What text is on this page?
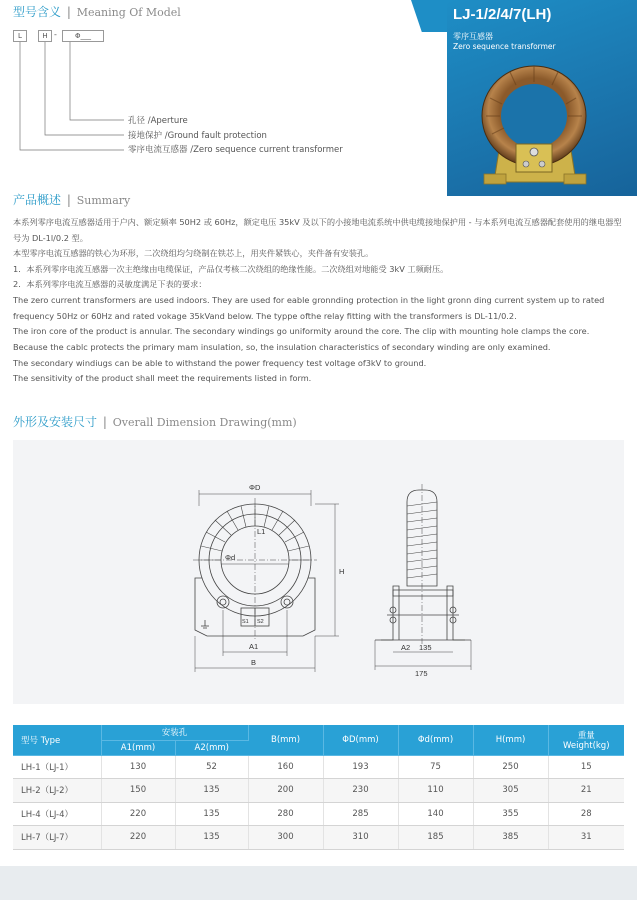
型号含义 | Meaning Of Model
L	H -	Φ___
孔径 /Aperture
接地保护 /Ground fault protection
零序电流互感器 /Zero sequence current transformer
LJ-1/2/4/7(LH)
零序互感器
Zero sequence transformer
产品概述 | Summary
本系列零序电流互感器适用于户内、额定频率 50H2 或 60Hz，额定电压 35kV 及以下的小接地电流系统中供电缆接地保护用 - 与本系列电流互感器配套使用的继电器型号为 DL-1l/0.2 型。
本型零序电流互感器的铁心为环形，二次绕组均匀绕制在铁芯上，用夹件紧铁心，夹件备有安装孔。
1．本系列零序电流互感器一次主绝缘由电缆保证，产品仅考核二次绕组的绝缘性能。二次绕组对地能受 3kV 工频耐压。
2．本系列零序电流互感器的灵敏度满足下表的要求：
The zero current transformers are used indoors. They are used for eable gronnding protection in the light gronn ding current system up to rated frequency 50Hz or 60Hz and rated vokage 35kVand below. The typpe ofthe relay fitting with the transformers is DL-11/0.2.
The iron core of the product is annular. The secondary windings go uniformity around the core. The clip with mounting hole clamps the core.
Because the cablc protects the primary mam insulation, so, the insulation characteristics of secondary winding are only examined.
The secondary windiugs can be able to withstand the power frequency test voltage of3kV to ground.
The sensitivity of the product shall meet the requirements listed in form.
外形及安装尺寸 | Overall Dimension Drawing(mm)
ΦD
L1
Φd
H
A1
B
S1 S2
A2 135
175
型号 Type	安装孔		B(mm)	ΦD(mm)	Φd(mm)	H(mm)	重量
Weight(kg)
	A1(mm)	A2(mm)					
LH-1（LJ-1）	130	52	160	193	75	250	15
LH-2（LJ-2）	150	135	200	230	110	305	21
LH-4（LJ-4）	220	135	280	285	140	355	28
LH-7（LJ-7）	220	135	300	310	185	385	31
